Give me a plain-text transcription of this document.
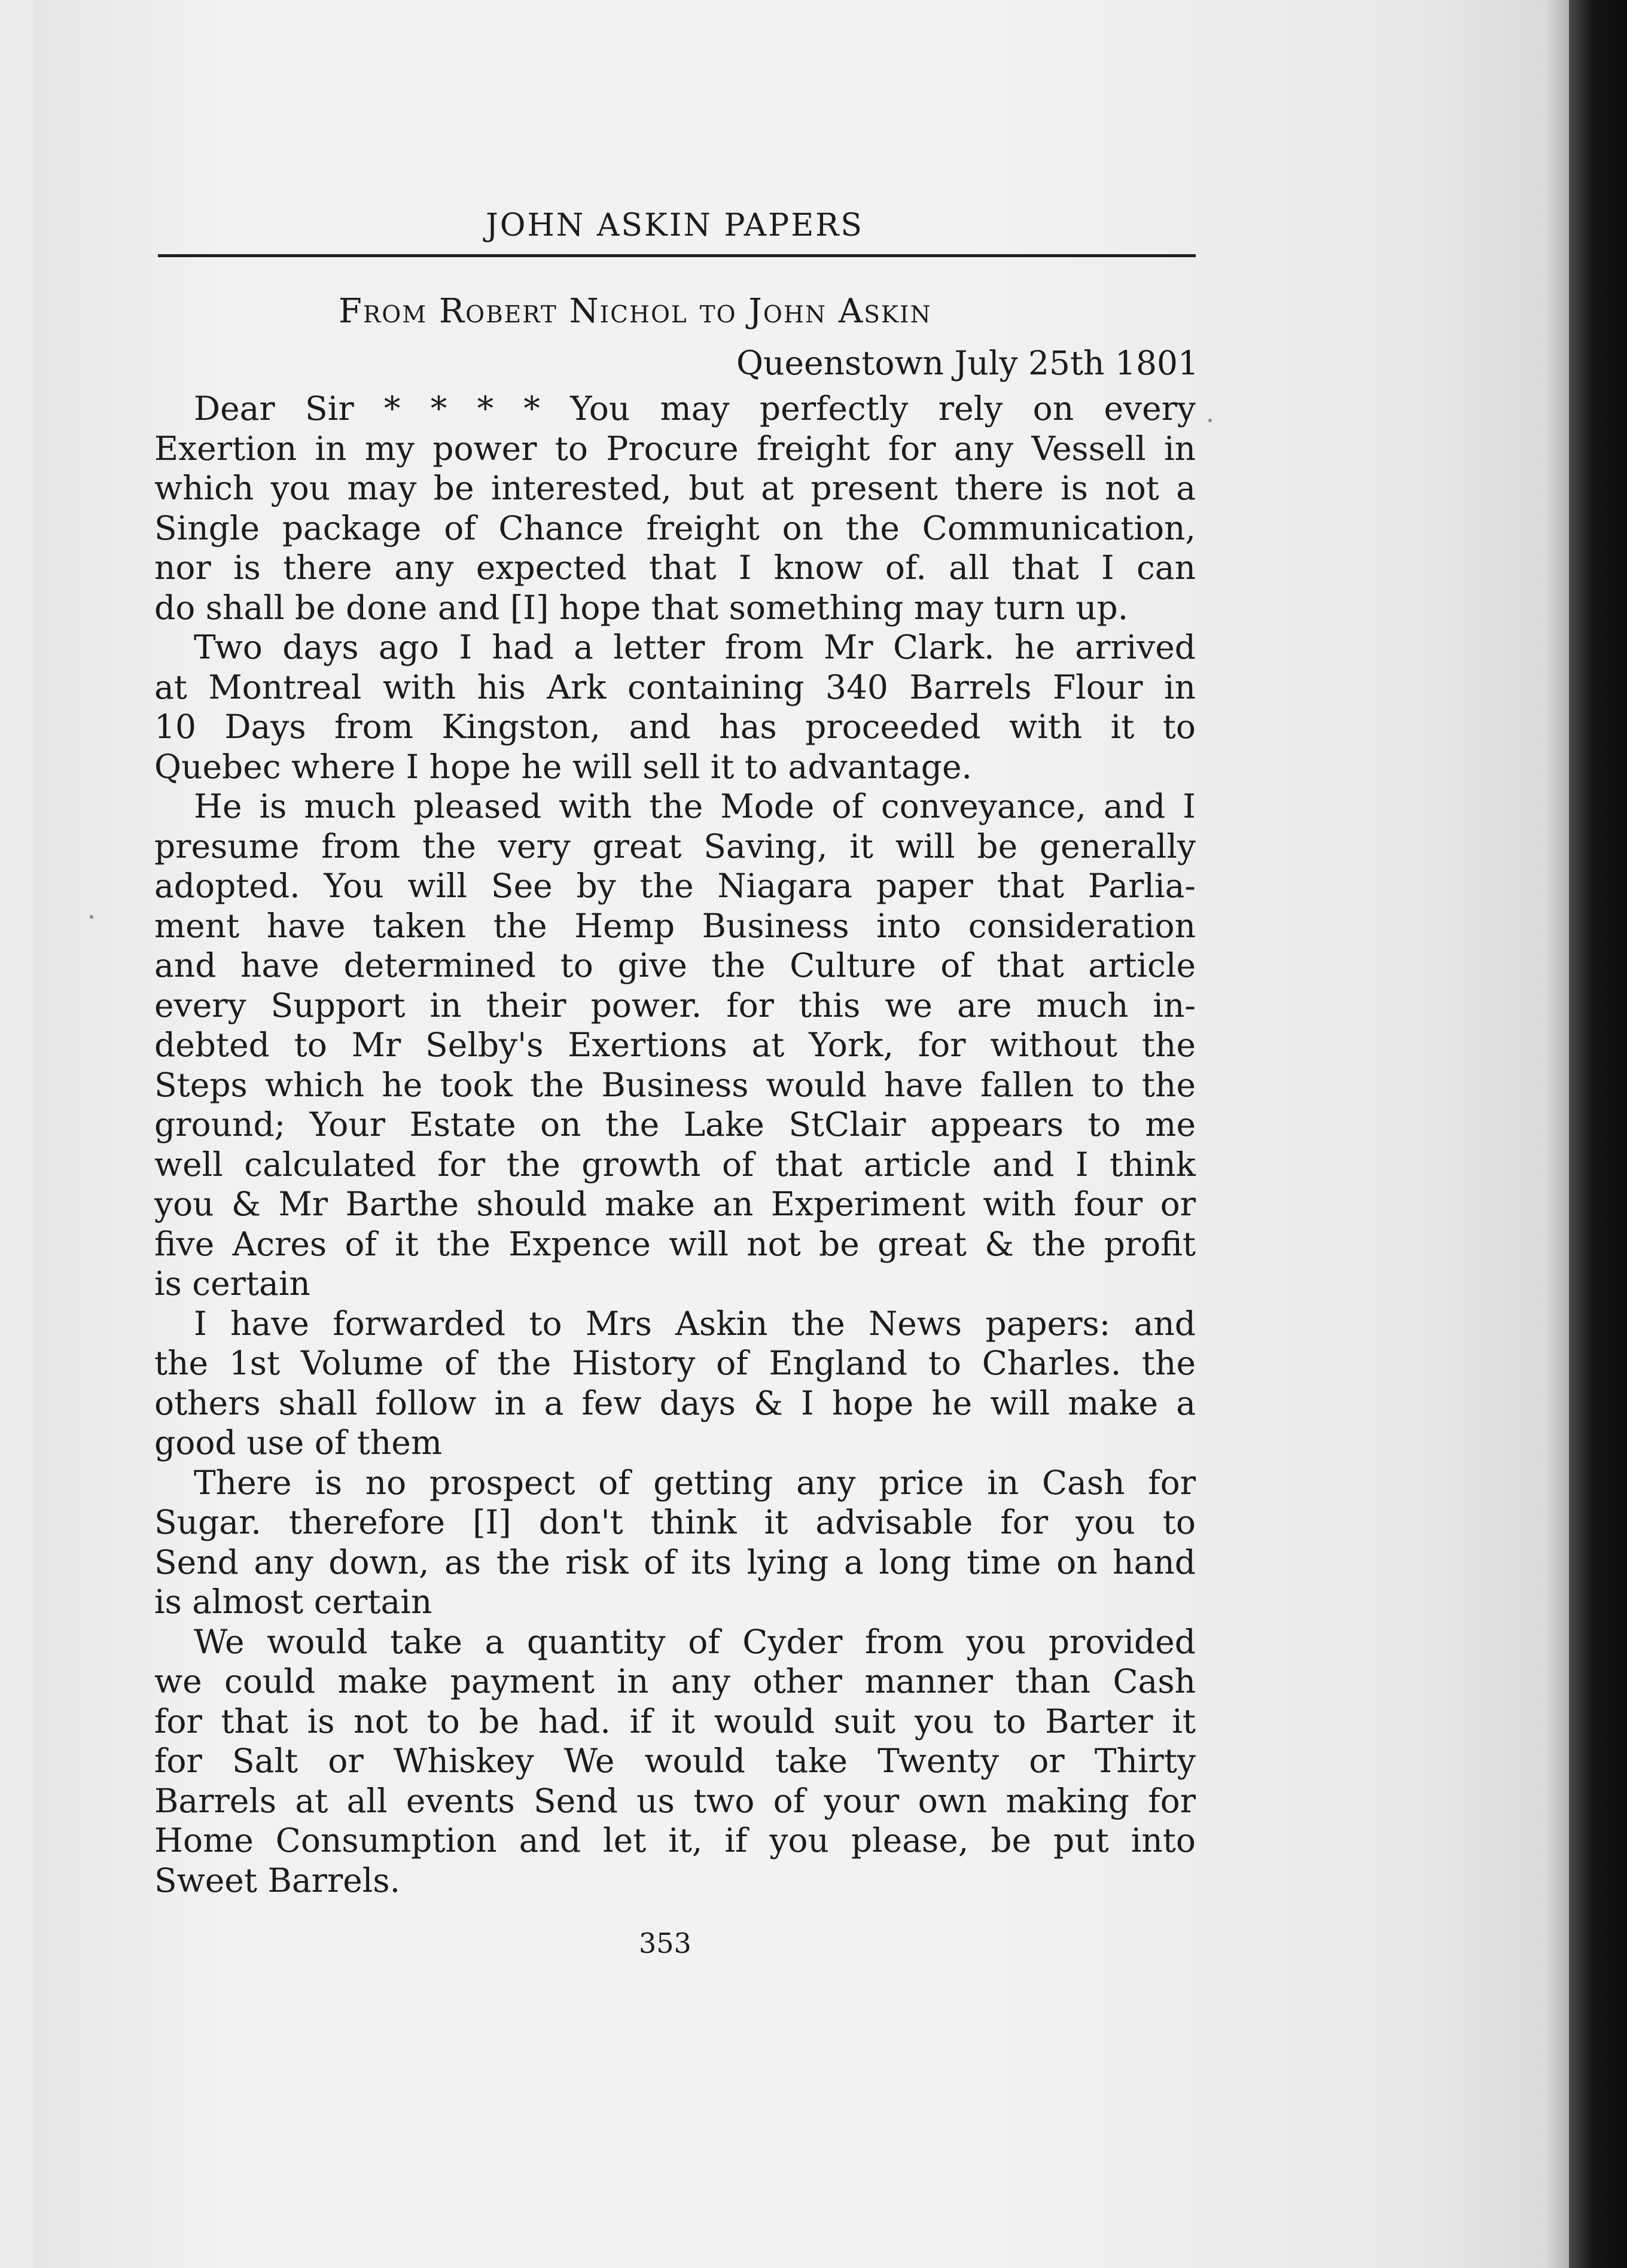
JOHN ASKIN PAPERS
From Robert Nichol to John Askin
Queenstown July 25th 1801
Dear Sir * * * * You may perfectly rely on every
Exertion in my power to Procure freight for any Vessell in
which you may be interested, but at present there is not a
Single package of Chance freight on the Communication,
nor is there any expected that I know of. all that I can
do shall be done and [I] hope that something may turn up.
Two days ago I had a letter from Mr Clark. he arrived
at Montreal with his Ark containing 340 Barrels Flour in
10 Days from Kingston, and has proceeded with it to
Quebec where I hope he will sell it to advantage.
He is much pleased with the Mode of conveyance, and I
presume from the very great Saving, it will be generally
adopted. You will See by the Niagara paper that Parlia-
ment have taken the Hemp Business into consideration
and have determined to give the Culture of that article
every Support in their power. for this we are much in-
debted to Mr Selby's Exertions at York, for without the
Steps which he took the Business would have fallen to the
ground; Your Estate on the Lake StClair appears to me
well calculated for the growth of that article and I think
you & Mr Barthe should make an Experiment with four or
five Acres of it the Expence will not be great & the profit
is certain
I have forwarded to Mrs Askin the News papers: and
the 1st Volume of the History of England to Charles. the
others shall follow in a few days & I hope he will make a
good use of them
There is no prospect of getting any price in Cash for
Sugar. therefore [I] don't think it advisable for you to
Send any down, as the risk of its lying a long time on hand
is almost certain
We would take a quantity of Cyder from you provided
we could make payment in any other manner than Cash
for that is not to be had. if it would suit you to Barter it
for Salt or Whiskey We would take Twenty or Thirty
Barrels at all events Send us two of your own making for
Home Consumption and let it, if you please, be put into
Sweet Barrels.
353
